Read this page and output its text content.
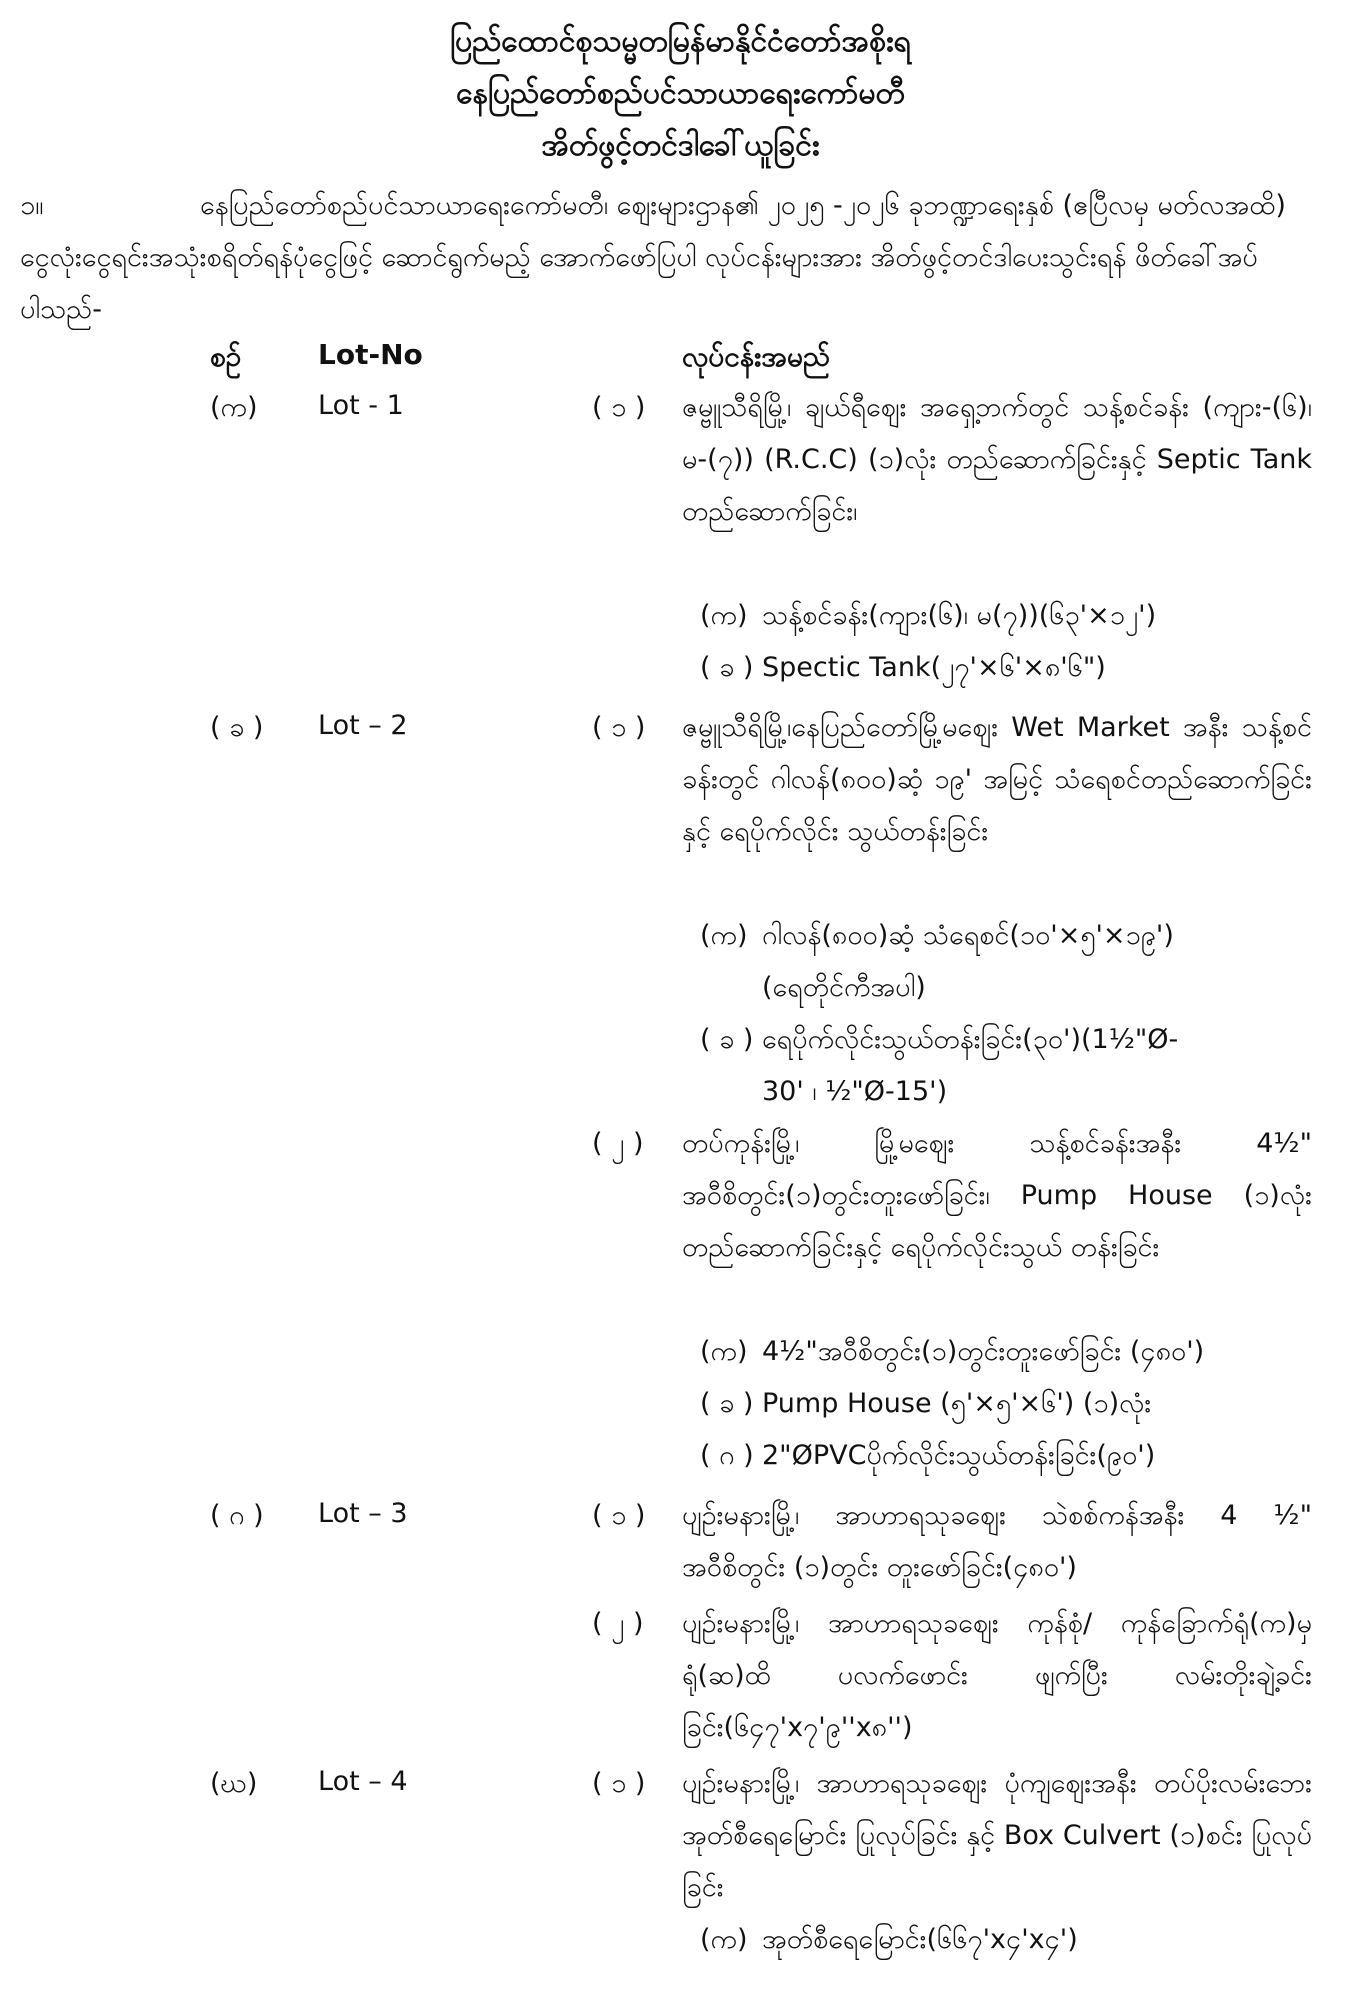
ပြည်ထောင်စုသမ္မတမြန်မာနိုင်ငံတော်အစိုးရ
နေပြည်တော်စည်ပင်သာယာရေးကော်မတီ
အိတ်ဖွင့်တင်ဒါခေါ်ယူခြင်း
၁။	နေပြည်တော်စည်ပင်သာယာရေးကော်မတီ၊ ဈေးများဌာန၏ ၂၀၂၅ -၂၀၂၆ ခုဘဏ္ဍာရေးနှစ် (ဧပြီလမှ မတ်လအထိ) ငွေလုံးငွေရင်းအသုံးစရိတ်ရန်ပုံငွေဖြင့် ဆောင်ရွက်မည့် အောက်ဖော်ပြပါ လုပ်ငန်းများအား အိတ်ဖွင့်တင်ဒါပေးသွင်းရန် ဖိတ်ခေါ်အပ်ပါသည်-
စဉ်	Lot-No	လုပ်ငန်းအမည်
(က) Lot - 1	( ၁ ) ဇမ္ဗူသီရိမြို့၊ ချယ်ရီဈေး အရှေ့ဘက်တွင် သန့်စင်ခန်း (ကျား-(၆)၊ မ-(၇)) (R.C.C) (၁)လုံး တည်ဆောက်ခြင်းနှင့် Septic Tank တည်ဆောက်ခြင်း၊
(က) သန့်စင်ခန်း(ကျား(၆)၊ မ(၇))(၆၃'×၁၂')
( ခ ) Spectic Tank(၂၇'×၆'×၈'၆")
( ခ ) Lot – 2	( ၁ ) ဇမ္ဗူသီရိမြို့၊နေပြည်တော်မြို့မဈေး Wet Market အနီး သန့်စင်ခန်းတွင် ဂါလန်(၈၀၀)ဆံ့ ၁၉' အမြင့် သံရေစင်တည်ဆောက်ခြင်းနှင့် ရေပိုက်လိုင်း သွယ်တန်းခြင်း
(က) ဂါလန်(၈၀၀)ဆံ့ သံရေစင်(၁၀'×၅'×၁၉')
(ရေတိုင်ကီအပါ)
( ခ ) ရေပိုက်လိုင်းသွယ်တန်းခြင်း(၃၀')(1½"Ø-
30' ၊ ½"Ø-15')
( ၂ ) တပ်ကုန်းမြို့၊ မြို့မဈေး သန့်စင်ခန်းအနီး 4½" အဝီစိတွင်း(၁)တွင်းတူးဖော်ခြင်း၊ Pump House (၁)လုံးတည်ဆောက်ခြင်းနှင့် ရေပိုက်လိုင်းသွယ် တန်းခြင်း
(က) 4½"အဝီစိတွင်း(၁)တွင်းတူးဖော်ခြင်း (၄၈၀')
( ခ ) Pump House (၅'×၅'×၆') (၁)လုံး
( ဂ ) 2"ØPVCပိုက်လိုင်းသွယ်တန်းခြင်း(၉၀')
( ဂ ) Lot – 3	( ၁ ) ပျဉ်းမနားမြို့၊ အာဟာရသုခဈေး သဲစစ်ကန်အနီး 4 ½" အဝီစိတွင်း (၁)တွင်း တူးဖော်ခြင်း(၄၈၀')
( ၂ ) ပျဉ်းမနားမြို့၊ အာဟာရသုခဈေး ကုန်စုံ/ ကုန်ခြောက်ရုံ(က)မှ ရုံ(ဆ)ထိ ပလက်ဖောင်း ဖျက်ပြီး လမ်းတိုးချဲ့ခင်းခြင်း(၆၄၇'x၇'၉''x၈'')
(ဃ) Lot – 4	( ၁ ) ပျဉ်းမနားမြို့၊ အာဟာရသုခဈေး ပုံကျဈေးအနီး တပ်ပိုးလမ်းဘေး အုတ်စီရေမြောင်း ပြုလုပ်ခြင်း နှင့် Box Culvert (၁)စင်း ပြုလုပ်ခြင်း
(က) အုတ်စီရေမြောင်း(၆၆၇'x၄'x၄')
